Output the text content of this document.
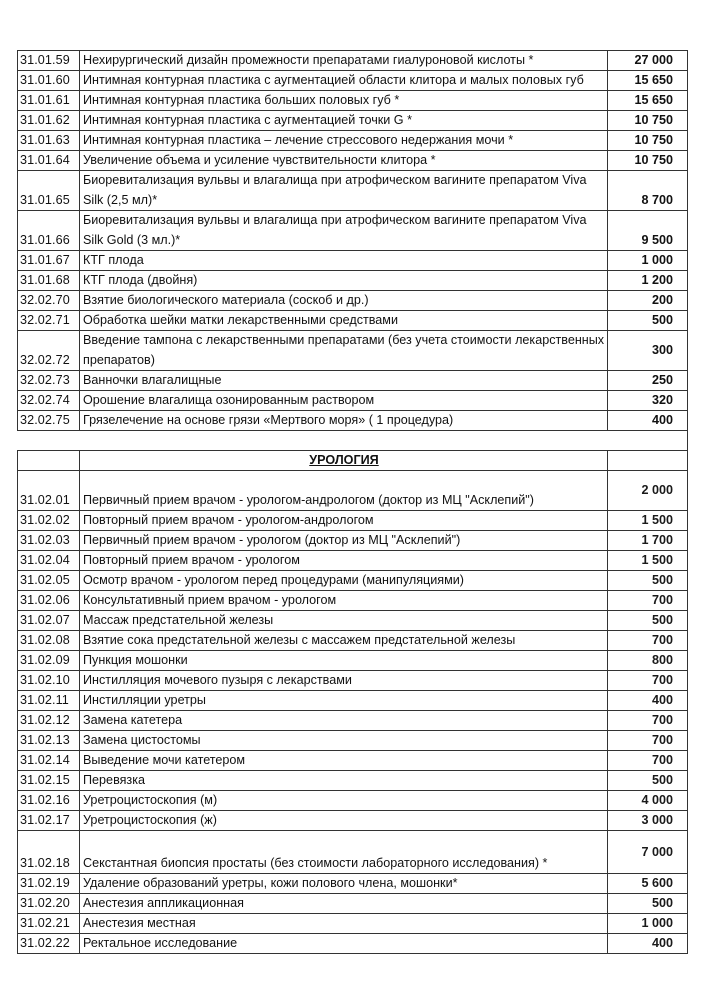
31.01.59	Нехирургический дизайн промежности препаратами гиалуроновой кислоты *	27 000
31.01.60	Интимная контурная пластика с аугментацией области клитора и малых половых губ	15 650
31.01.61	Интимная контурная пластика больших половых губ *	15 650
31.01.62	Интимная контурная пластика с аугментацией точки G *	10 750
31.01.63	Интимная контурная пластика – лечение стрессового недержания мочи *	10 750
31.01.64	Увеличение объема и усиление чувствительности клитора *	10 750
31.01.65	Биоревитализация вульвы и влагалища при атрофическом вагините препаратом Viva Silk (2,5 мл)*	8 700
31.01.66	Биоревитализация вульвы и влагалища при атрофическом вагините препаратом Viva Silk Gold (3 мл.)*	9 500
31.01.67	КТГ плода	1 000
31.01.68	КТГ плода (двойня)	1 200
32.02.70	Взятие биологического материала (соскоб и др.)	200
32.02.71	Обработка шейки матки лекарственными средствами	500
32.02.72	Введение тампона с лекарственными препаратами (без учета стоимости лекарственных препаратов)	300
32.02.73	Ванночки влагалищные	250
32.02.74	Орошение влагалища озонированным раствором	320
32.02.75	Грязелечение на основе грязи «Мертвого моря» ( 1 процедура)	400

	УРОЛОГИЯ	
31.02.01	Первичный прием врачом - урологом-андрологом (доктор из МЦ "Асклепий")	2 000
31.02.02	Повторный прием врачом - урологом-андрологом	1 500
31.02.03	Первичный прием врачом - урологом (доктор из МЦ "Асклепий")	1 700
31.02.04	Повторный прием врачом - урологом	1 500
31.02.05	Осмотр врачом - урологом перед процедурами (манипуляциями)	500
31.02.06	Консультативный прием врачом - урологом	700
31.02.07	Массаж предстательной железы	500
31.02.08	Взятие сока предстательной железы с массажем предстательной железы	700
31.02.09	Пункция мошонки	800
31.02.10	Инстилляция мочевого пузыря с лекарствами	700
31.02.11	Инстилляции уретры	400
31.02.12	Замена катетера	700
31.02.13	Замена цистостомы	700
31.02.14	Выведение мочи катетером	700
31.02.15	Перевязка	500
31.02.16	Уретроцистоскопия (м)	4 000
31.02.17	Уретроцистоскопия (ж)	3 000
31.02.18	Секстантная биопсия простаты (без стоимости лабораторного исследования) *	7 000
31.02.19	Удаление образований уретры, кожи полового члена, мошонки*	5 600
31.02.20	Анестезия аппликационная	500
31.02.21	Анестезия местная	1 000
31.02.22	Ректальное исследование	400
